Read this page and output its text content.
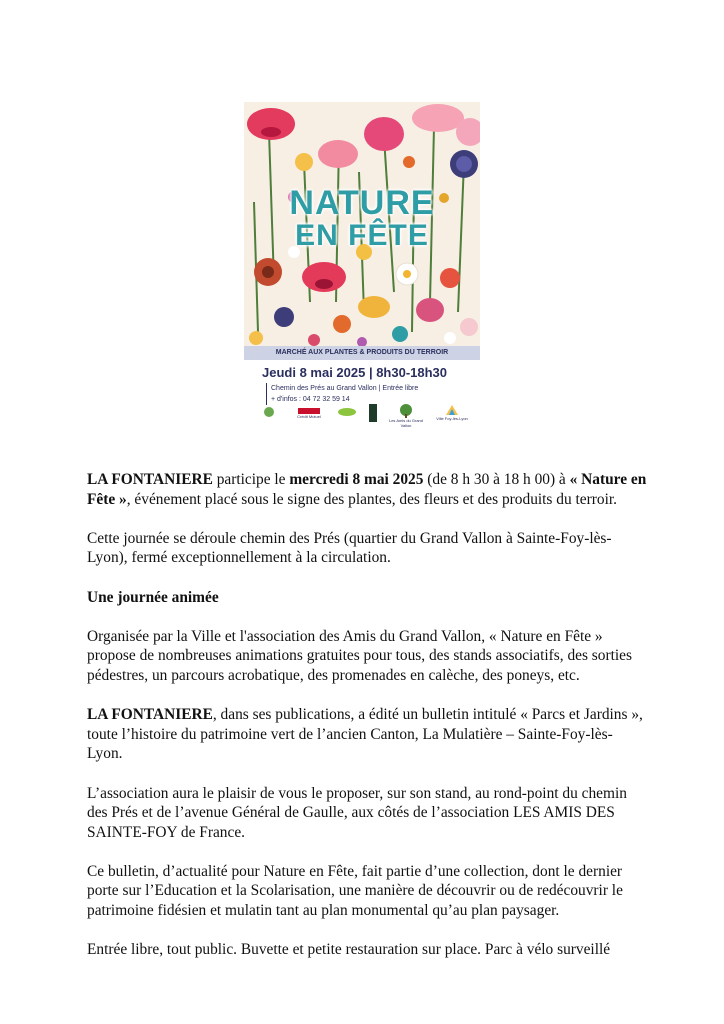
NATURE
EN FÊTE
MARCHÉ AUX PLANTES & PRODUITS DU TERROIR
Jeudi 8 mai 2025 | 8h30-18h30
Chemin des Prés au Grand Vallon | Entrée libre
+ d'infos : 04 72 32 59 14
Crédit Mutuel
Les Amis du Grand Vallon
Ville Foy-lès-Lyon

LA FONTANIERE participe le mercredi 8 mai 2025 (de 8 h 30 à 18 h 00) à « Nature en Fête », événement placé sous le signe des plantes, des fleurs et des produits du terroir.

Cette journée se déroule chemin des Prés (quartier du Grand Vallon à Sainte-Foy-lès-Lyon), fermé exceptionnellement à la circulation.

Une journée animée

Organisée par la Ville et l'association des Amis du Grand Vallon, « Nature en Fête » propose de nombreuses animations gratuites pour tous, des stands associatifs, des sorties pédestres, un parcours acrobatique, des promenades en calèche, des poneys, etc.

LA FONTANIERE, dans ses publications, a édité un bulletin intitulé « Parcs et Jardins », toute l’histoire du patrimoine vert de l’ancien Canton, La Mulatière – Sainte-Foy-lès-Lyon.

L’association aura le plaisir de vous le proposer, sur son stand, au rond-point du chemin des Prés et de l’avenue Général de Gaulle, aux côtés de l’association LES AMIS DES SAINTE-FOY de France.

Ce bulletin, d’actualité pour Nature en Fête, fait partie d’une collection, dont le dernier porte sur l’Education et la Scolarisation, une manière de découvrir ou de redécouvrir le patrimoine fidésien et mulatin tant au plan monumental qu’au plan paysager.

Entrée libre, tout public. Buvette et petite restauration sur place. Parc à vélo surveillé
